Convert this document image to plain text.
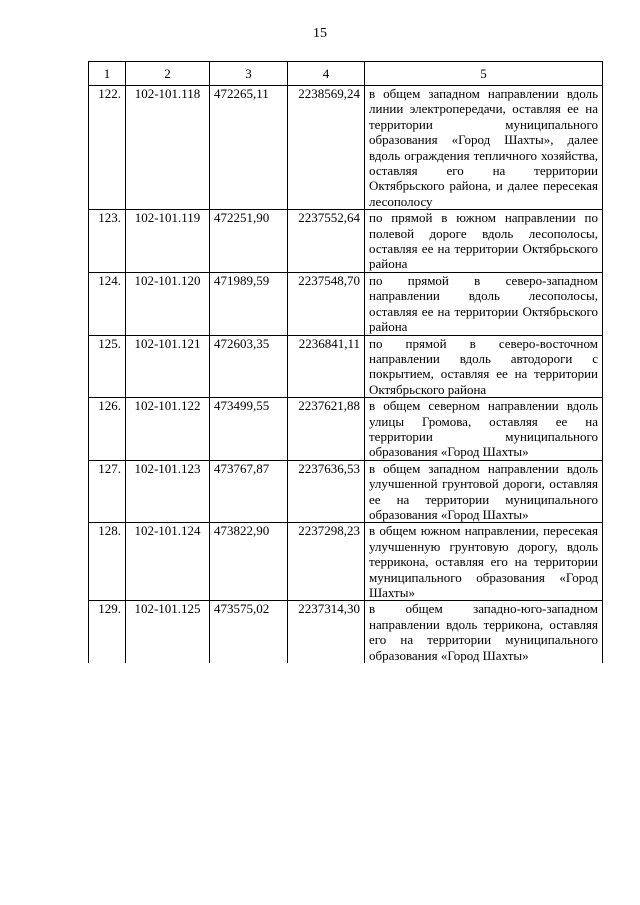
15
1	2	3	4	5
122.	102-101.118	472265,11	2238569,24	в общем западном направлении вдоль линии электропередачи, оставляя ее на территории муниципального образования «Город Шахты», далее вдоль ограждения тепличного хозяйства, оставляя его на территории Октябрьского района, и далее пересекая лесополосу
123.	102-101.119	472251,90	2237552,64	по прямой в южном направлении по полевой дороге вдоль лесополосы, оставляя ее на территории Октябрьского района
124.	102-101.120	471989,59	2237548,70	по прямой в северо-западном направлении вдоль лесополосы, оставляя ее на территории Октябрьского района
125.	102-101.121	472603,35	2236841,11	по прямой в северо-восточном направлении вдоль автодороги с покрытием, оставляя ее на территории Октябрьского района
126.	102-101.122	473499,55	2237621,88	в общем северном направлении вдоль улицы Громова, оставляя ее на территории муниципального образования «Город Шахты»
127.	102-101.123	473767,87	2237636,53	в общем западном направлении вдоль улучшенной грунтовой дороги, оставляя ее на территории муниципального образования «Город Шахты»
128.	102-101.124	473822,90	2237298,23	в общем южном направлении, пересекая улучшенную грунтовую дорогу, вдоль терриконa, оставляя его на территории муниципального образования «Город Шахты»
129.	102-101.125	473575,02	2237314,30	в общем западно-юго-западном направлении вдоль терриконa, оставляя его на территории муниципального образования «Город Шахты»
